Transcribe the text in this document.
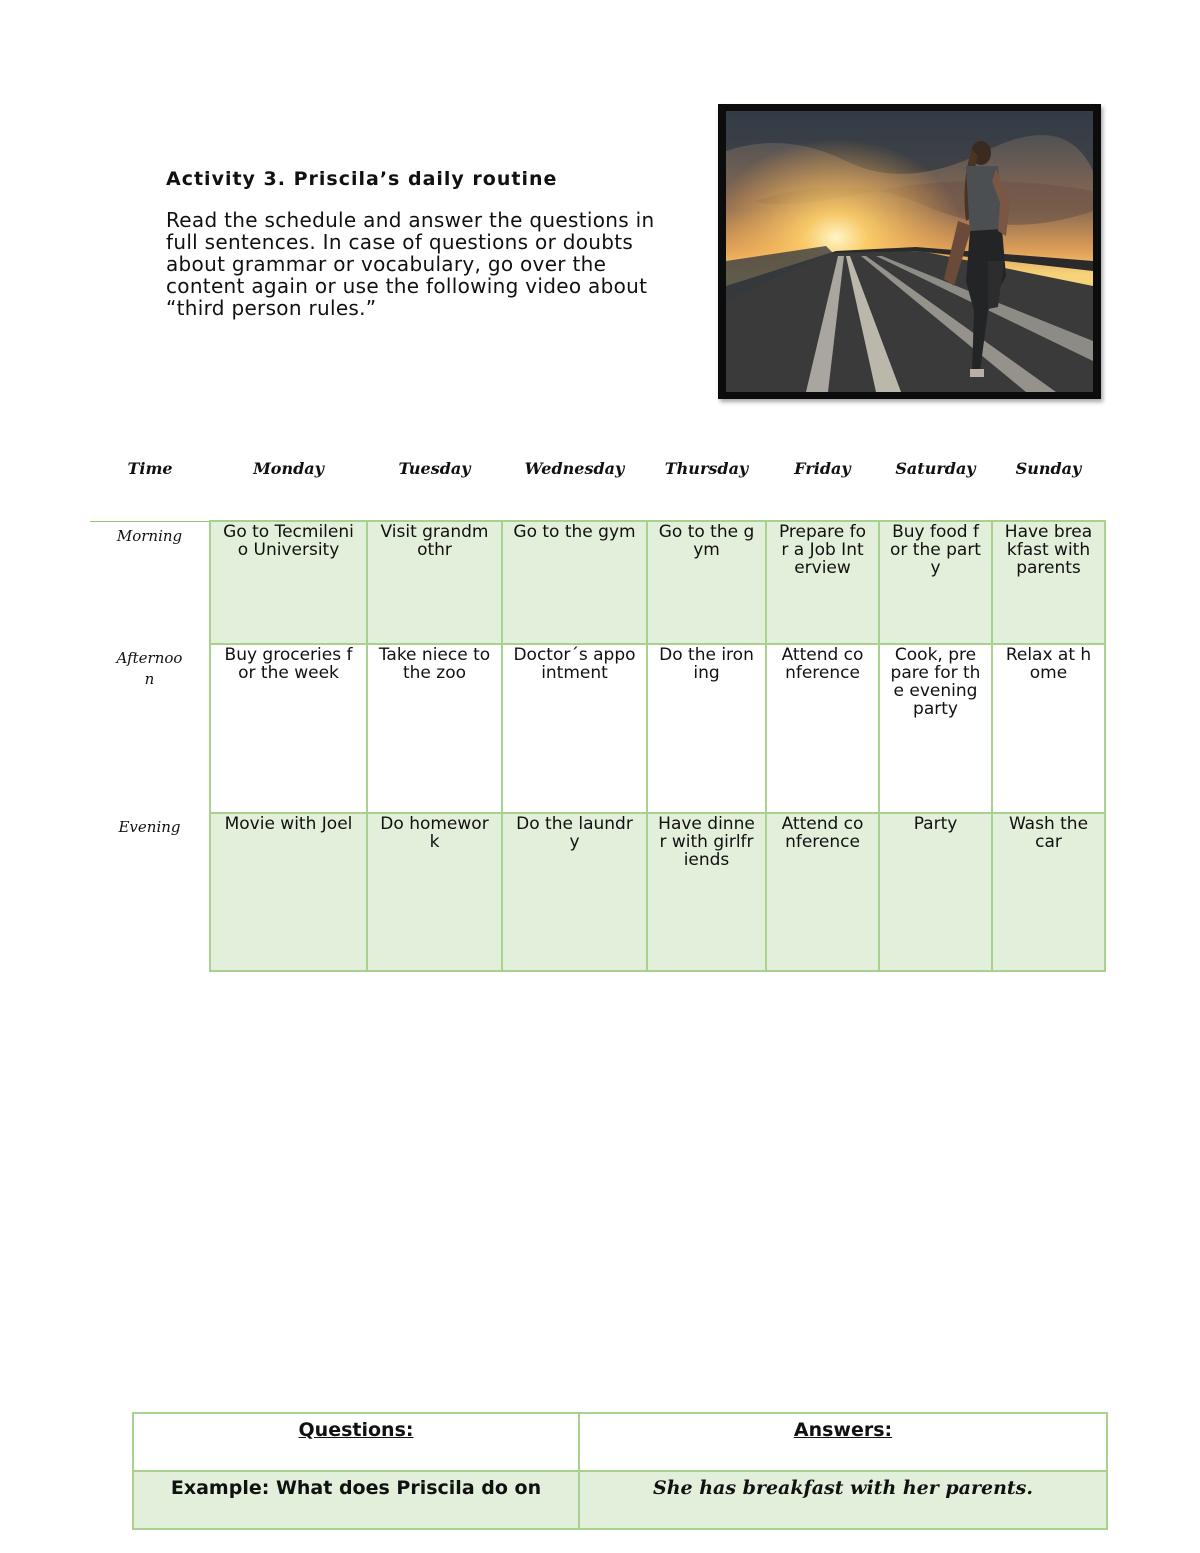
Activity 3. Priscila’s daily routine

Read the schedule and answer the questions in full sentences. In case of questions or doubts about grammar or vocabulary, go over the content again or use the following video about “third person rules.”

Time	Monday	Tuesday	Wednesday	Thursday	Friday	Saturday	Sunday
Morning	Go to Tecmilenio University	Visit grandmothr	Go to the gym	Go to the gym	Prepare for a Job Interview	Buy food for the party	Have breakfast with parents
Afternoon	Buy groceries for the week	Take niece to the zoo	Doctor´s appointment	Do the ironing	Attend conference	Cook, prepare for the evening party	Relax at home
Evening	Movie with Joel	Do homework	Do the laundry	Have dinner with girlfriends	Attend conference	Party	Wash the car
Questions:	Answers:
Example: What does Priscila do on	She has breakfast with her parents.
